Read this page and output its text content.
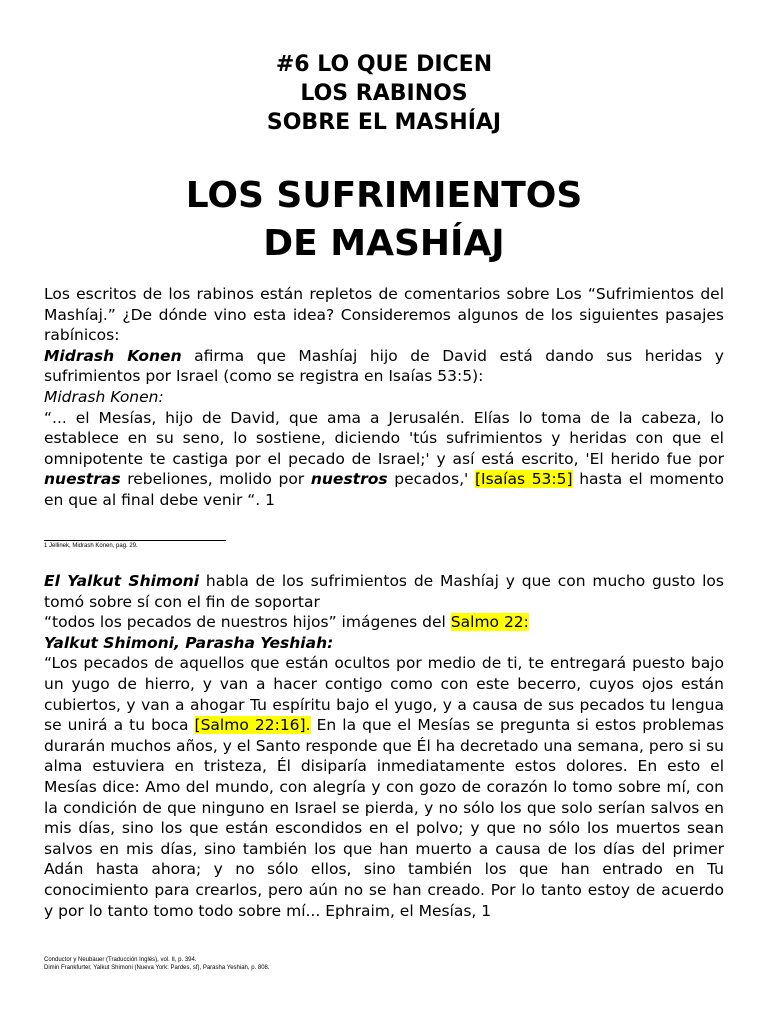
#6 LO QUE DICEN
LOS RABINOS
SOBRE EL MASHÍAJ
LOS SUFRIMIENTOS
DE MASHÍAJ
Los escritos de los rabinos están repletos de comentarios sobre Los “Sufrimientos del Mashíaj.” ¿De dónde vino esta idea? Consideremos algunos de los siguientes pasajes rabínicos:
Midrash Konen afirma que Mashíaj hijo de David está dando sus heridas y sufrimientos por Israel (como se registra en Isaías 53:5):
Midrash Konen:
“... el Mesías, hijo de David, que ama a Jerusalén. Elías lo toma de la cabeza, lo establece en su seno, lo sostiene, diciendo 'tús sufrimientos y heridas con que el omnipotente te castiga por el pecado de Israel;' y así está escrito, 'El herido fue por nuestras rebeliones, molido por nuestros pecados,' [Isaías 53:5] hasta el momento en que al final debe venir “. 1
1 Jellinek, Midrash Konen, pag. 29.
El Yalkut Shimoni habla de los sufrimientos de Mashíaj y que con mucho gusto los tomó sobre sí con el fin de soportar
“todos los pecados de nuestros hijos” imágenes del Salmo 22:
Yalkut Shimoni, Parasha Yeshiah:
“Los pecados de aquellos que están ocultos por medio de ti, te entregará puesto bajo un yugo de hierro, y van a hacer contigo como con este becerro, cuyos ojos están cubiertos, y van a ahogar Tu espíritu bajo el yugo, y a causa de sus pecados tu lengua se unirá a tu boca [Salmo 22:16]. En la que el Mesías se pregunta si estos problemas durarán muchos años, y el Santo responde que Él ha decretado una semana, pero si su alma estuviera en tristeza, Él disiparía inmediatamente estos dolores. En esto el Mesías dice: Amo del mundo, con alegría y con gozo de corazón lo tomo sobre mí, con la condición de que ninguno en Israel se pierda, y no sólo los que solo serían salvos en mis días, sino los que están escondidos en el polvo; y que no sólo los muertos sean salvos en mis días, sino también los que han muerto a causa de los días del primer Adán hasta ahora; y no sólo ellos, sino también los que han entrado en Tu conocimiento para crearlos, pero aún no se han creado. Por lo tanto estoy de acuerdo y por lo tanto tomo todo sobre mí... Ephraim, el Mesías, 1
Conductor y Neubauer (Traducción Inglés), vol. II, p. 394.
Dimin Frankfurter, Yalkut Shimoni (Nueva York: Pardes, sf), Parasha Yeshiah, p. 808.
